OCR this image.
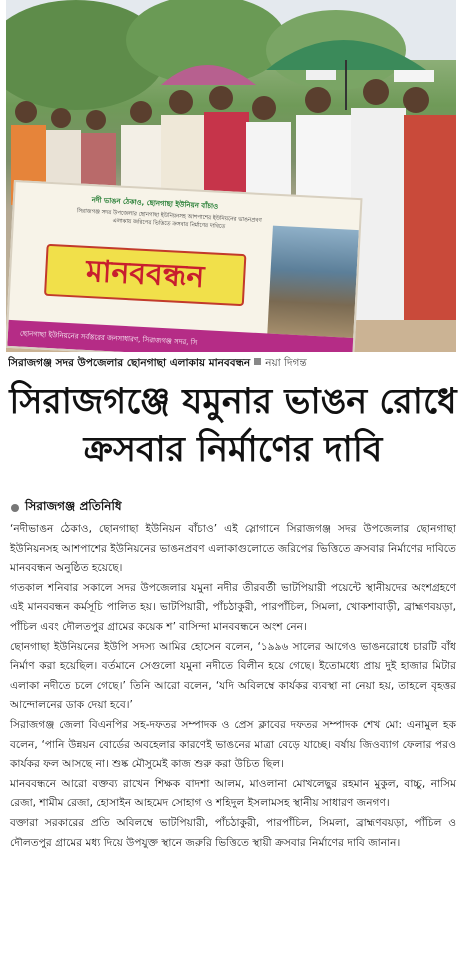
নদী ভাঙন ঠেকাও, ছোনগাছা ইউনিয়ন বাঁচাও
সিরাজগঞ্জ সদর উপজেলার ছোনগাছা ইউনিয়নসহ আশপাশের ইউনিয়নের ভাঙনপ্রবণ এলাকায় জরিপের ভিত্তিতে ক্রসবার নির্মাণের দাবিতে
মানববন্ধন
ছোনগাছা ইউনিয়নের সর্বস্তরের জনসাধারণ, সিরাজগঞ্জ সদর, সি
সিরাজগঞ্জ সদর উপজেলার ছোনগাছা এলাকায় মানববন্ধন নয়া দিগন্ত
সিরাজগঞ্জে যমুনার ভাঙন রোধে
ক্রসবার নির্মাণের দাবি
সিরাজগঞ্জ প্রতিনিধি

‘নদীভাঙন ঠেকাও, ছোনগাছা ইউনিয়ন বাঁচাও’ এই স্লোগানে সিরাজগঞ্জ সদর উপজেলার ছোনগাছা ইউনিয়নসহ আশপাশের ইউনিয়নের ভাঙনপ্রবণ এলাকাগুলোতে জরিপের ভিত্তিতে ক্রসবার নির্মাণের দাবিতে মানববন্ধন অনুষ্ঠিত হয়েছে।

গতকাল শনিবার সকালে সদর উপজেলার যমুনা নদীর তীরবর্তী ভাটপিয়ারী পয়েন্টে স্থানীয়দের অংশগ্রহণে এই মানববন্ধন কর্মসূচি পালিত হয়। ভাটপিয়ারী, পাঁচঠাকুরী, পারপাঁচিল, সিমলা, খোকশাবাড়ী, ব্রাহ্মণবয়ড়া, পাঁচিল এবং দৌলতপুর গ্রামের কয়েক শ’ বাসিন্দা মানববন্ধনে অংশ নেন।

ছোনগাছা ইউনিয়নের ইউপি সদস্য আমির হোসেন বলেন, ‘১৯৯৬ সালের আগেও ভাঙনরোধে চারটি বাঁধ নির্মাণ করা হয়েছিল। বর্তমানে সেগুলো যমুনা নদীতে বিলীন হয়ে গেছে। ইতোমধ্যে প্রায় দুই হাজার মিটার এলাকা নদীতে চলে গেছে।’ তিনি আরো বলেন, ‘যদি অবিলম্বে কার্যকর ব্যবস্থা না নেয়া হয়, তাহলে বৃহত্তর আন্দোলনের ডাক দেয়া হবে।’

সিরাজগঞ্জ জেলা বিএনপির সহ-দফতর সম্পাদক ও প্রেস ক্লাবের দফতর সম্পাদক শেখ মো: এনামুল হক বলেন, ‘পানি উন্নয়ন বোর্ডের অবহেলার কারণেই ভাঙনের মাত্রা বেড়ে যাচ্ছে। বর্ষায় জিওব্যাগ ফেলার পরও কার্যকর ফল আসছে না। শুষ্ক মৌসুমেই কাজ শুরু করা উচিত ছিল।

মানববন্ধনে আরো বক্তব্য রাখেন শিক্ষক বাদশা আলম, মাওলানা মোখলেছুর রহমান মুকুল, বাচ্চু, নাসিম রেজা, শামীম রেজা, হোসাইন আহমেদ সোহাগ ও শহিদুল ইসলামসহ স্থানীয় সাধারণ জনগণ।

বক্তারা সরকারের প্রতি অবিলম্বে ভাটপিয়ারী, পাঁচঠাকুরী, পারপাঁচিল, সিমলা, ব্রাহ্মণবয়ড়া, পাঁচিল ও দৌলতপুর গ্রামের মধ্য দিয়ে উপযুক্ত স্থানে জরুরি ভিত্তিতে স্থায়ী ক্রসবার নির্মাণের দাবি জানান।
